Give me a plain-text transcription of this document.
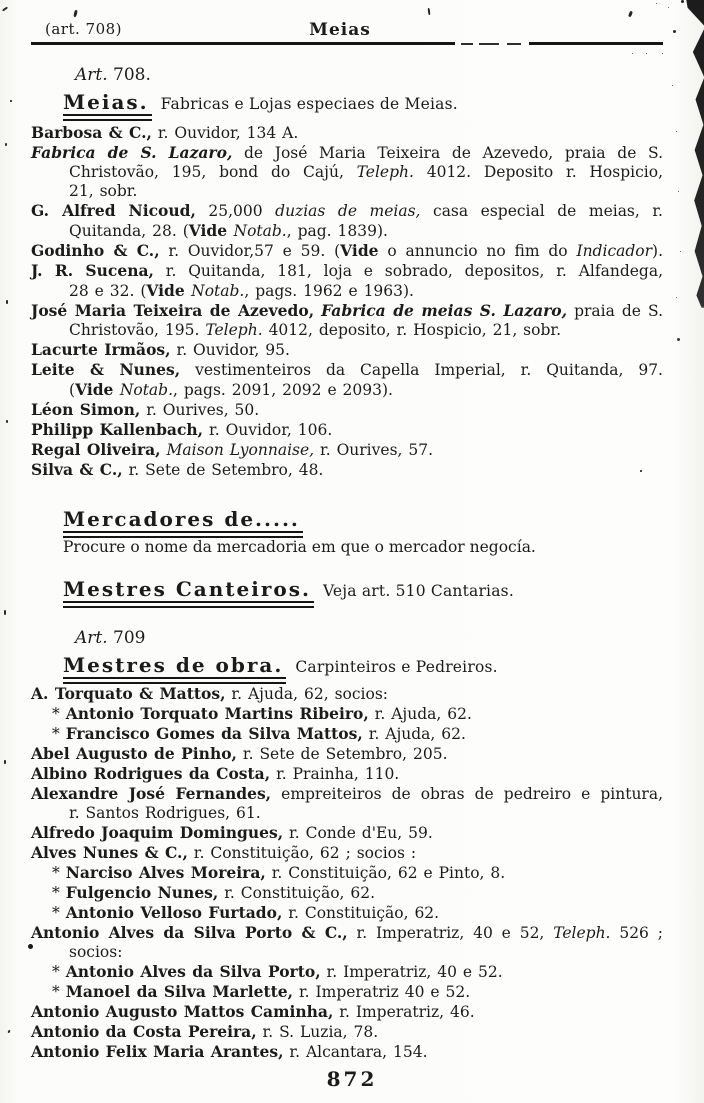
(art. 708)	Meias
Art. 708.
Meias. Fabricas e Lojas especiaes de Meias.
Barbosa & C., r. Ouvidor, 134 A.
Fabrica de S. Lazaro, de José Maria Teixeira de Azevedo, praia de S.
Christovão, 195, bond do Cajú, Teleph. 4012. Deposito r. Hospicio,
21, sobr.
G. Alfred Nicoud, 25,000 duzias de meias, casa especial de meias, r.
Quitanda, 28. (Vide Notab., pag. 1839).
Godinho & C., r. Ouvidor,57 e 59. (Vide o annuncio no fim do Indicador).
J. R. Sucena, r. Quitanda, 181, loja e sobrado, depositos, r. Alfandega,
28 e 32. (Vide Notab., pags. 1962 e 1963).
José Maria Teixeira de Azevedo, Fabrica de meias S. Lazaro, praia de S.
Christovão, 195. Teleph. 4012, deposito, r. Hospicio, 21, sobr.
Lacurte Irmãos, r. Ouvidor, 95.
Leite & Nunes, vestimenteiros da Capella Imperial, r. Quitanda, 97.
(Vide Notab., pags. 2091, 2092 e 2093).
Léon Simon, r. Ourives, 50.
Philipp Kallenbach, r. Ouvidor, 106.
Regal Oliveira, Maison Lyonnaise, r. Ourives, 57.
Silva & C., r. Sete de Setembro, 48.
Mercadores de.....
Procure o nome da mercadoria em que o mercador negocía.
Mestres Canteiros. Veja art. 510 Cantarias.
Art. 709
Mestres de obra. Carpinteiros e Pedreiros.
A. Torquato & Mattos, r. Ajuda, 62, socios:
* Antonio Torquato Martins Ribeiro, r. Ajuda, 62.
* Francisco Gomes da Silva Mattos, r. Ajuda, 62.
Abel Augusto de Pinho, r. Sete de Setembro, 205.
Albino Rodrigues da Costa, r. Prainha, 110.
Alexandre José Fernandes, empreiteiros de obras de pedreiro e pintura,
r. Santos Rodrigues, 61.
Alfredo Joaquim Domingues, r. Conde d'Eu, 59.
Alves Nunes & C., r. Constituição, 62 ; socios :
* Narciso Alves Moreira, r. Constituição, 62 e Pinto, 8.
* Fulgencio Nunes, r. Constituição, 62.
* Antonio Velloso Furtado, r. Constituição, 62.
Antonio Alves da Silva Porto & C., r. Imperatriz, 40 e 52, Teleph. 526 ;
socios:
* Antonio Alves da Silva Porto, r. Imperatriz, 40 e 52.
* Manoel da Silva Marlette, r. Imperatriz 40 e 52.
Antonio Augusto Mattos Caminha, r. Imperatriz, 46.
Antonio da Costa Pereira, r. S. Luzia, 78.
Antonio Felix Maria Arantes, r. Alcantara, 154.
872
